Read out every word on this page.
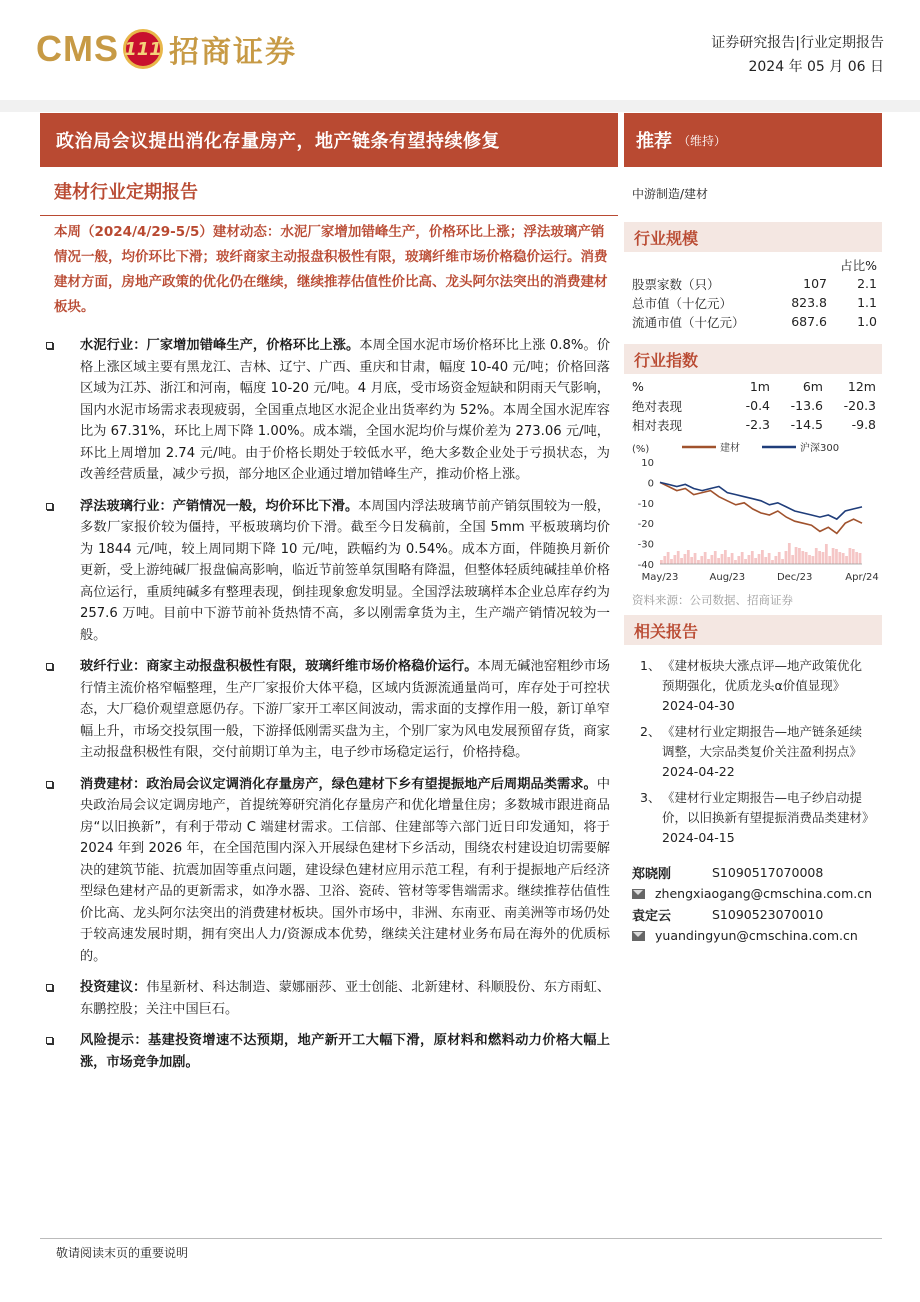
CMS 111 招商证券	证券研究报告|行业定期报告
2024 年 05 月 06 日
政治局会议提出消化存量房产，地产链条有望持续修复	推荐 （维持）
建材行业定期报告
本周（2024/4/29-5/5）建材动态：水泥厂家增加错峰生产，价格环比上涨；浮法玻璃产销情况一般，均价环比下滑；玻纤商家主动报盘积极性有限，玻璃纤维市场价格稳价运行。消费建材方面，房地产政策的优化仍在继续，继续推荐估值性价比高、龙头阿尔法突出的消费建材板块。

水泥行业：厂家增加错峰生产，价格环比上涨。本周全国水泥市场价格环比上涨 0.8%。价格上涨区域主要有黑龙江、吉林、辽宁、广西、重庆和甘肃，幅度 10-40 元/吨；价格回落区域为江苏、浙江和河南，幅度 10-20 元/吨。4 月底，受市场资金短缺和阴雨天气影响，国内水泥市场需求表现疲弱，全国重点地区水泥企业出货率约为 52%。本周全国水泥库容比为 67.31%，环比上周下降 1.00%。成本端，全国水泥均价与煤价差为 273.06 元/吨，环比上周增加 2.74 元/吨。由于价格长期处于较低水平，绝大多数企业处于亏损状态，为改善经营质量，减少亏损，部分地区企业通过增加错峰生产，推动价格上涨。

浮法玻璃行业：产销情况一般，均价环比下滑。本周国内浮法玻璃节前产销氛围较为一般，多数厂家报价较为僵持，平板玻璃均价下滑。截至今日发稿前，全国 5mm 平板玻璃均价为 1844 元/吨，较上周同期下降 10 元/吨，跌幅约为 0.54%。成本方面，伴随换月新价更新，受上游纯碱厂报盘偏高影响，临近节前签单氛围略有降温，但整体轻质纯碱挂单价格高位运行，重质纯碱多有整理表现，倒挂现象愈发明显。全国浮法玻璃样本企业总库存约为 257.6 万吨。目前中下游节前补货热情不高，多以刚需拿货为主，生产端产销情况较为一般。

玻纤行业：商家主动报盘积极性有限，玻璃纤维市场价格稳价运行。本周无碱池窑粗纱市场行情主流价格窄幅整理，生产厂家报价大体平稳，区域内货源流通量尚可，库存处于可控状态，大厂稳价观望意愿仍存。下游厂家开工率区间波动，需求面的支撑作用一般，新订单窄幅上升，市场交投氛围一般，下游择低刚需买盘为主，个别厂家为风电发展预留存货，商家主动报盘积极性有限，交付前期订单为主，电子纱市场稳定运行，价格持稳。

消费建材：政治局会议定调消化存量房产，绿色建材下乡有望提振地产后周期品类需求。中央政治局会议定调房地产，首提统筹研究消化存量房产和优化增量住房；多数城市跟进商品房“以旧换新”，有利于带动 C 端建材需求。工信部、住建部等六部门近日印发通知，将于 2024 年到 2026 年，在全国范围内深入开展绿色建材下乡活动，围绕农村建设迫切需要解决的建筑节能、抗震加固等重点问题，建设绿色建材应用示范工程，有利于提振地产后经济型绿色建材产品的更新需求，如净水器、卫浴、瓷砖、管材等零售端需求。继续推荐估值性价比高、龙头阿尔法突出的消费建材板块。国外市场中，非洲、东南亚、南美洲等市场仍处于较高速发展时期，拥有突出人力/资源成本优势，继续关注建材业务布局在海外的优质标的。

投资建议：伟星新材、科达制造、蒙娜丽莎、亚士创能、北新建材、科顺股份、东方雨虹、东鹏控股；关注中国巨石。

风险提示：基建投资增速不达预期，地产新开工大幅下滑，原材料和燃料动力价格大幅上涨，市场竞争加剧。

中游制造/建材
行业规模
占比%
股票家数（只）	107	2.1
总市值（十亿元）	823.8	1.1
流通市值（十亿元）	687.6	1.0
行业指数
%	1m	6m	12m
绝对表现	-0.4	-13.6	-20.3
相对表现	-2.3	-14.5	-9.8
(%)	建材	沪深300
10
0
-10
-20
-30
-40
May/23	Aug/23	Dec/23	Apr/24
资料来源：公司数据、招商证券
相关报告
1、 《建材板块大涨点评—地产政策优化预期强化，优质龙头α价值显现》2024-04-30
2、 《建材行业定期报告—地产链条延续调整，大宗品类复价关注盈利拐点》2024-04-22
3、 《建材行业定期报告—电子纱启动提价，以旧换新有望提振消费品类建材》2024-04-15
郑晓刚	S1090517070008
zhengxiaogang@cmschina.com.cn
袁定云	S1090523070010
yuandingyun@cmschina.com.cn
敬请阅读末页的重要说明
